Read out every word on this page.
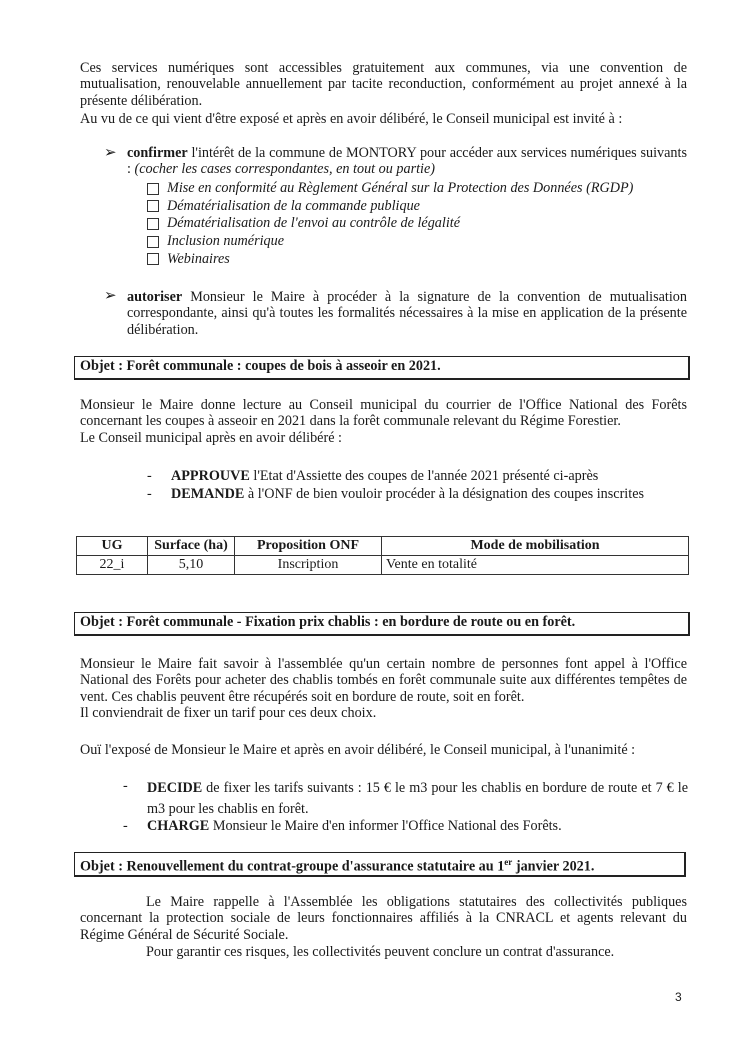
Ces services numériques sont accessibles gratuitement aux communes, via une convention de mutualisation, renouvelable annuellement par tacite reconduction, conformément au projet annexé à la présente délibération.

Au vu de ce qui vient d'être exposé et après en avoir délibéré, le Conseil municipal est invité à :

➢ confirmer l'intérêt de la commune de MONTORY pour accéder aux services numériques suivants : (cocher les cases correspondantes, en tout ou partie)

Mise en conformité au Règlement Général sur la Protection des Données (RGDP)
Dématérialisation de la commande publique
Dématérialisation de l'envoi au contrôle de légalité
Inclusion numérique
Webinaires
➢ autoriser Monsieur le Maire à procéder à la signature de la convention de mutualisation correspondante, ainsi qu'à toutes les formalités nécessaires à la mise en application de la présente délibération.

Objet : Forêt communale : coupes de bois à asseoir en 2021.

Monsieur le Maire donne lecture au Conseil municipal du courrier de l'Office National des Forêts concernant les coupes à asseoir en 2021 dans la forêt communale relevant du Régime Forestier.

Le Conseil municipal après en avoir délibéré :

- APPROUVE l'Etat d'Assiette des coupes de l'année 2021 présenté ci-après
- DEMANDE à l'ONF de bien vouloir procéder à la désignation des coupes inscrites
UG	Surface (ha)	Proposition ONF	Mode de mobilisation
22_i	5,10	Inscription	Vente en totalité
Objet : Forêt communale - Fixation prix chablis : en bordure de route ou en forêt.

Monsieur le Maire fait savoir à l'assemblée qu'un certain nombre de personnes font appel à l'Office National des Forêts pour acheter des chablis tombés en forêt communale suite aux différentes tempêtes de vent. Ces chablis peuvent être récupérés soit en bordure de route, soit en forêt.

Il conviendrait de fixer un tarif pour ces deux choix.

Ouï l'exposé de Monsieur le Maire et après en avoir délibéré, le Conseil municipal, à l'unanimité :

- DECIDE de fixer les tarifs suivants : 15 € le m3 pour les chablis en bordure de route et 7 € le m3 pour les chablis en forêt.
- CHARGE Monsieur le Maire d'en informer l'Office National des Forêts.
Objet : Renouvellement du contrat-groupe d'assurance statutaire au 1er janvier 2021.

Le Maire rappelle à l'Assemblée les obligations statutaires des collectivités publiques concernant la protection sociale de leurs fonctionnaires affiliés à la CNRACL et agents relevant du Régime Général de Sécurité Sociale.

Pour garantir ces risques, les collectivités peuvent conclure un contrat d'assurance.

3
